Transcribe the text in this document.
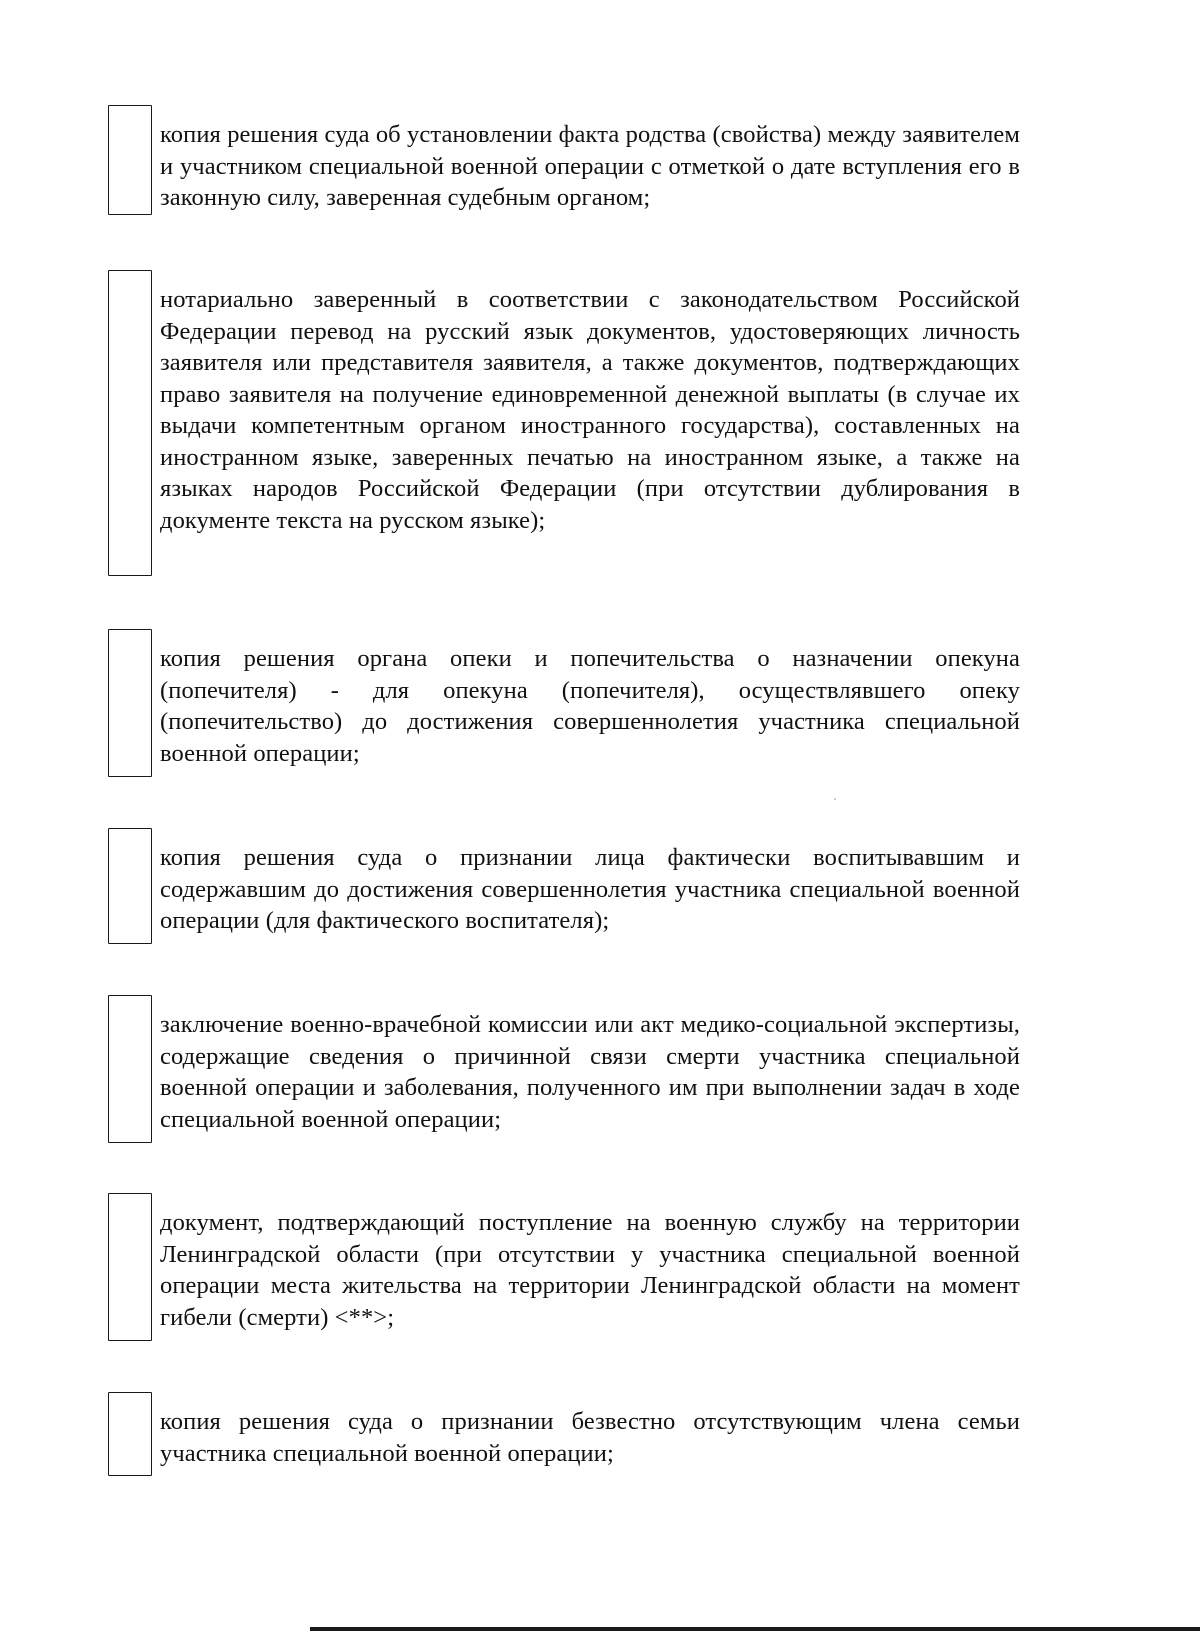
копия решения суда об установлении факта родства (свойства) между заявителем и участником специальной военной операции с отметкой о дате вступления его в законную силу, заверенная судебным органом;
нотариально заверенный в соответствии с законодательством Российской Федерации перевод на русский язык документов, удостоверяющих личность заявителя или представителя заявителя, а также документов, подтверждающих право заявителя на получение единовременной денежной выплаты (в случае их выдачи компетентным органом иностранного государства), составленных на иностранном языке, заверенных печатью на иностранном языке, а также на языках народов Российской Федерации (при отсутствии дублирования в документе текста на русском языке);
копия решения органа опеки и попечительства о назначении опекуна (попечителя) - для опекуна (попечителя), осуществлявшего опеку (попечительство) до достижения совершеннолетия участника специальной военной операции;
копия решения суда о признании лица фактически воспитывавшим и содержавшим до достижения совершеннолетия участника специальной военной операции (для фактического воспитателя);
заключение военно-врачебной комиссии или акт медико-социальной экспертизы, содержащие сведения о причинной связи смерти участника специальной военной операции и заболевания, полученного им при выполнении задач в ходе специальной военной операции;
документ, подтверждающий поступление на военную службу на территории Ленинградской области (при отсутствии у участника специальной военной операции места жительства на территории Ленинградской области на момент гибели (смерти) <**>;
копия решения суда о признании безвестно отсутствующим члена семьи участника специальной военной операции;
